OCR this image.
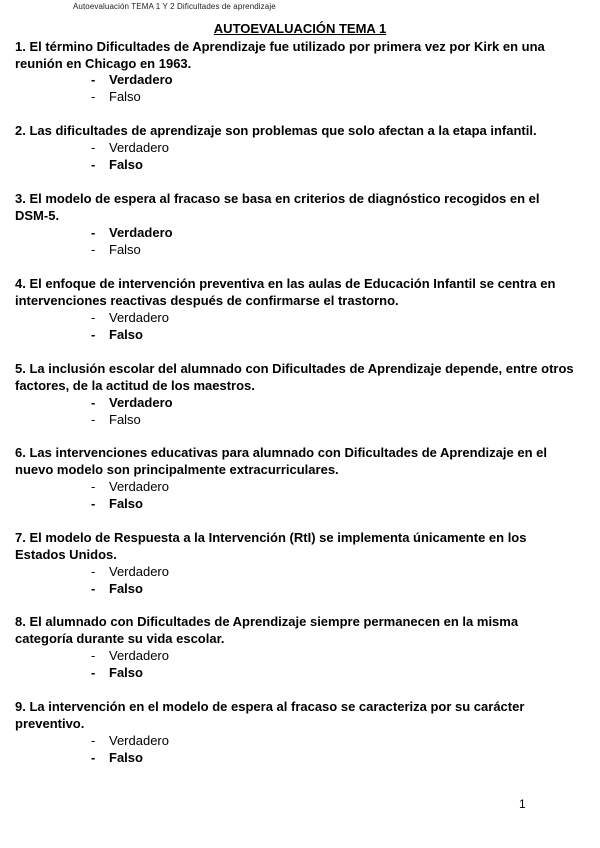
Autoevaluación TEMA 1 Y 2 Dificultades de aprendizaje
AUTOEVALUACIÓN TEMA 1
1. El término Dificultades de Aprendizaje fue utilizado por primera vez por Kirk en una reunión en Chicago en 1963.
- Verdadero
- Falso
2. Las dificultades de aprendizaje son problemas que solo afectan a la etapa infantil.
- Verdadero
- Falso
3. El modelo de espera al fracaso se basa en criterios de diagnóstico recogidos en el DSM-5.
- Verdadero
- Falso
4. El enfoque de intervención preventiva en las aulas de Educación Infantil se centra en intervenciones reactivas después de confirmarse el trastorno.
- Verdadero
- Falso
5. La inclusión escolar del alumnado con Dificultades de Aprendizaje depende, entre otros factores, de la actitud de los maestros.
- Verdadero
- Falso
6. Las intervenciones educativas para alumnado con Dificultades de Aprendizaje en el nuevo modelo son principalmente extracurriculares.
- Verdadero
- Falso
7. El modelo de Respuesta a la Intervención (RtI) se implementa únicamente en los Estados Unidos.
- Verdadero
- Falso
8. El alumnado con Dificultades de Aprendizaje siempre permanecen en la misma categoría durante su vida escolar.
- Verdadero
- Falso
9. La intervención en el modelo de espera al fracaso se caracteriza por su carácter preventivo.
- Verdadero
- Falso
1
